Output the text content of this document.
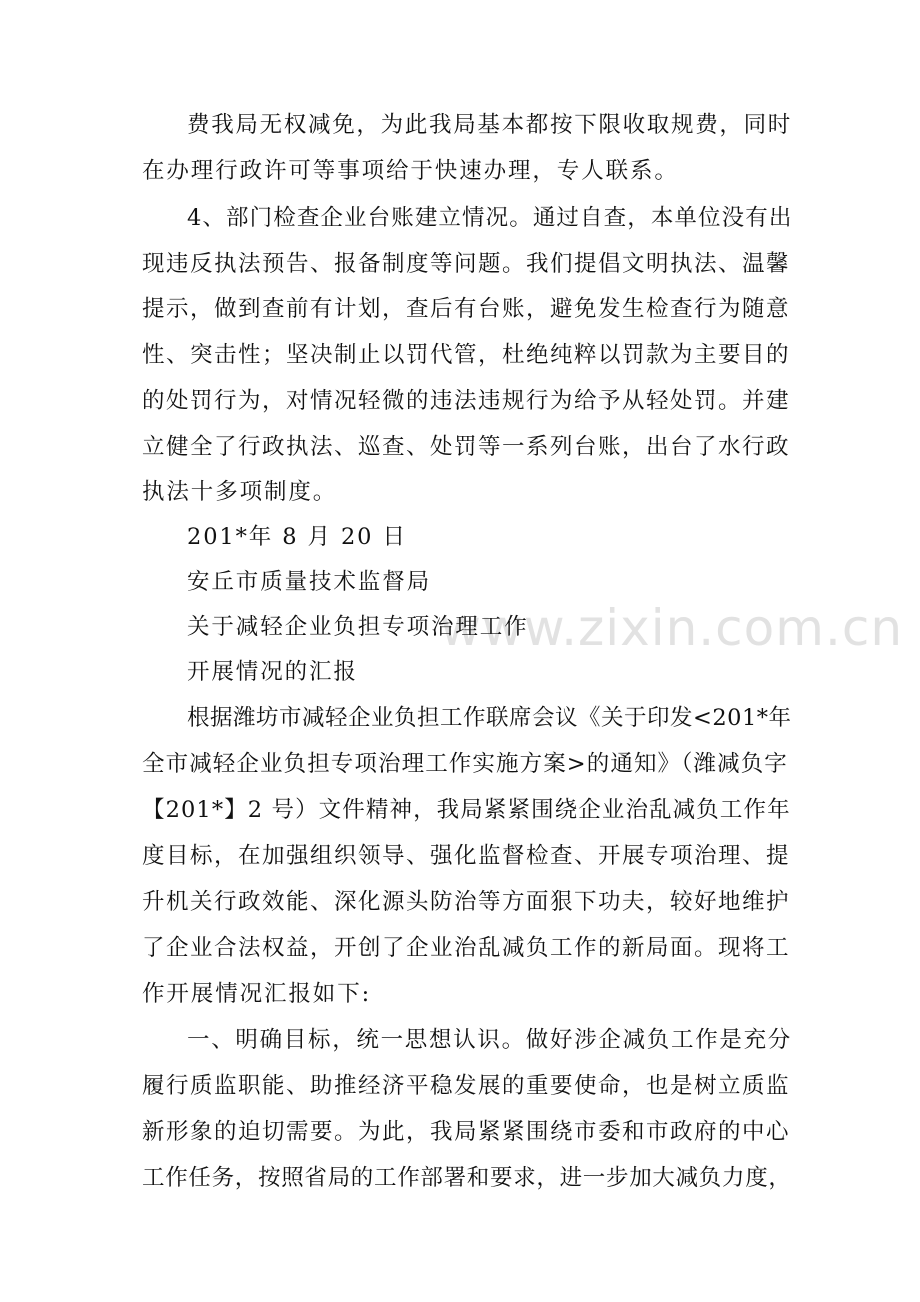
www.zixin.com.cn
费我局无权减免，为此我局基本都按下限收取规费，同时
在办理行政许可等事项给于快速办理，专人联系。
4、部门检查企业台账建立情况。通过自查，本单位没有出
现违反执法预告、报备制度等问题。我们提倡文明执法、温馨
提示，做到查前有计划，查后有台账，避免发生检查行为随意
性、突击性；坚决制止以罚代管，杜绝纯粹以罚款为主要目的
的处罚行为，对情况轻微的违法违规行为给予从轻处罚。并建
立健全了行政执法、巡查、处罚等一系列台账，出台了水行政
执法十多项制度。
201*年 8 月 20 日
安丘市质量技术监督局
关于减轻企业负担专项治理工作
开展情况的汇报
根据潍坊市减轻企业负担工作联席会议《关于印发<201*年
全市减轻企业负担专项治理工作实施方案>的通知》（潍减负字
【201*】2 号）文件精神，我局紧紧围绕企业治乱减负工作年
度目标，在加强组织领导、强化监督检查、开展专项治理、提
升机关行政效能、深化源头防治等方面狠下功夫，较好地维护
了企业合法权益，开创了企业治乱减负工作的新局面。现将工
作开展情况汇报如下:
一、明确目标，统一思想认识。做好涉企减负工作是充分
履行质监职能、助推经济平稳发展的重要使命，也是树立质监
新形象的迫切需要。为此，我局紧紧围绕市委和市政府的中心
工作任务，按照省局的工作部署和要求，进一步加大减负力度，
